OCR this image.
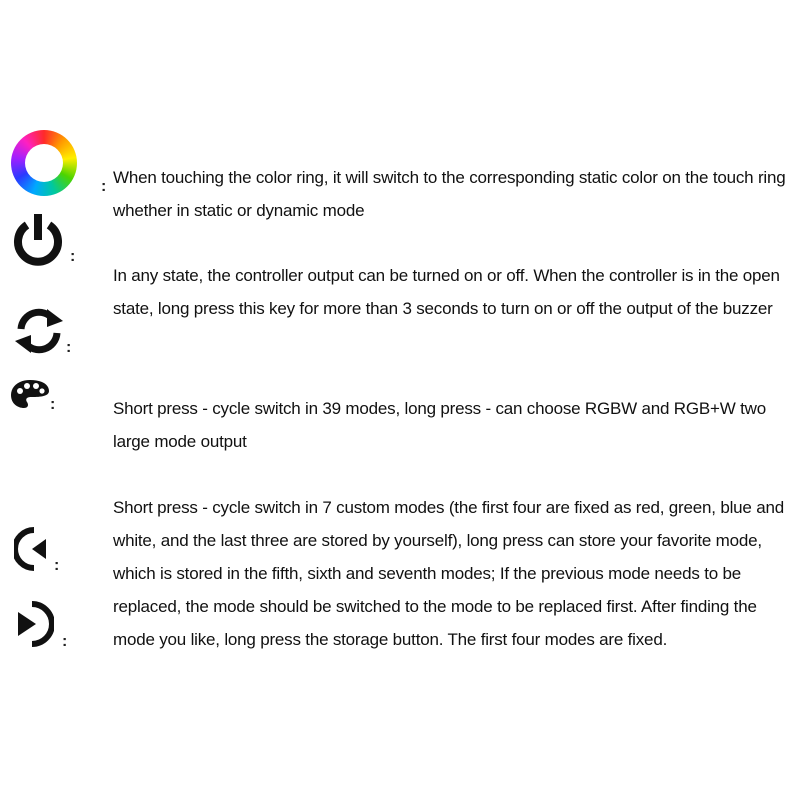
:
:
:
:
:
:
When touching the color ring, it will switch to the corresponding static color on the touch ring whether in static or dynamic mode
In any state, the controller output can be turned on or off. When the controller is in the open state, long press this key for more than 3 seconds to turn on or off the output of the buzzer
Short press - cycle switch in 39 modes, long press - can choose RGBW and RGB+W two large mode output
Short press - cycle switch in 7 custom modes (the first four are fixed as red, green, blue and white, and the last three are stored by yourself), long press can store your favorite mode, which is stored in the fifth, sixth and seventh modes; If the previous mode needs to be replaced, the mode should be switched to the mode to be replaced first. After finding the mode you like, long press the storage button. The first four modes are fixed.
